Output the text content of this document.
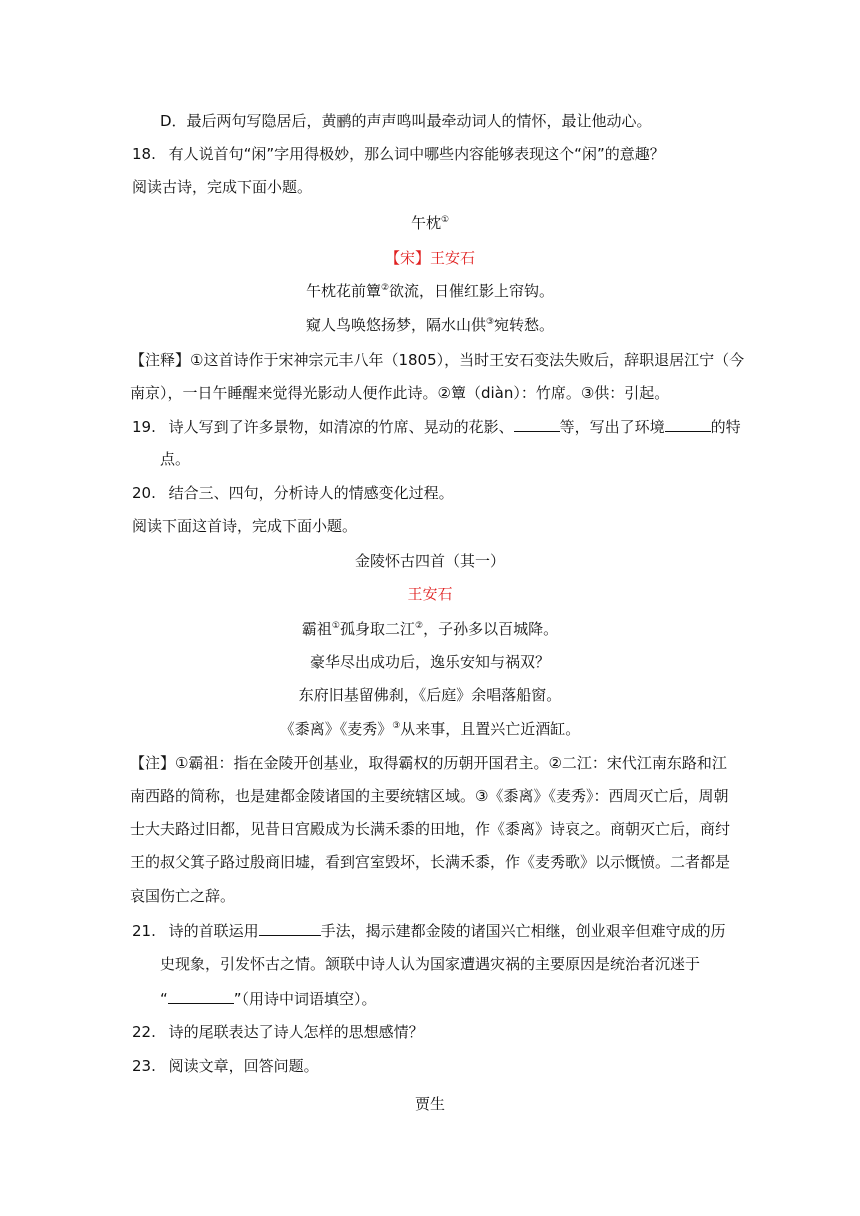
D．最后两句写隐居后，黄鹂的声声鸣叫最牵动词人的情怀，最让他动心。
18. 有人说首句“闲”字用得极妙，那么词中哪些内容能够表现这个“闲”的意趣？
阅读古诗，完成下面小题。
午枕①
【宋】王安石
午枕花前簟②欲流，日催红影上帘钩。
窥人鸟唤悠扬梦，隔水山供③宛转愁。
【注释】①这首诗作于宋神宗元丰八年（1805），当时王安石变法失败后，辞职退居江宁（今
南京），一日午睡醒来觉得光影动人便作此诗。②簟（diàn）：竹席。③供：引起。
19. 诗人写到了许多景物，如清凉的竹席、晃动的花影、	等，写出了环境	的特
点。
20. 结合三、四句，分析诗人的情感变化过程。
阅读下面这首诗，完成下面小题。
金陵怀古四首（其一）
王安石
霸祖①孤身取二江②，子孙多以百城降。
豪华尽出成功后，逸乐安知与祸双？
东府旧基留佛刹，《后庭》余唱落船窗。
《黍离》《麦秀》③从来事，且置兴亡近酒缸。
【注】①霸祖：指在金陵开创基业，取得霸权的历朝开国君主。②二江：宋代江南东路和江
南西路的简称，也是建都金陵诸国的主要统辖区域。③《黍离》《麦秀》：西周灭亡后，周朝
士大夫路过旧都，见昔日宫殿成为长满禾黍的田地，作《黍离》诗哀之。商朝灭亡后，商纣
王的叔父箕子路过殷商旧墟，看到宫室毁坏，长满禾黍，作《麦秀歌》以示慨愤。二者都是
哀国伤亡之辞。
21. 诗的首联运用	手法，揭示建都金陵的诸国兴亡相继，创业艰辛但难守成的历
史现象，引发怀古之情。颔联中诗人认为国家遭遇灾祸的主要原因是统治者沉迷于
“	”（用诗中词语填空）。
22. 诗的尾联表达了诗人怎样的思想感情？
23. 阅读文章，回答问题。
贾生
